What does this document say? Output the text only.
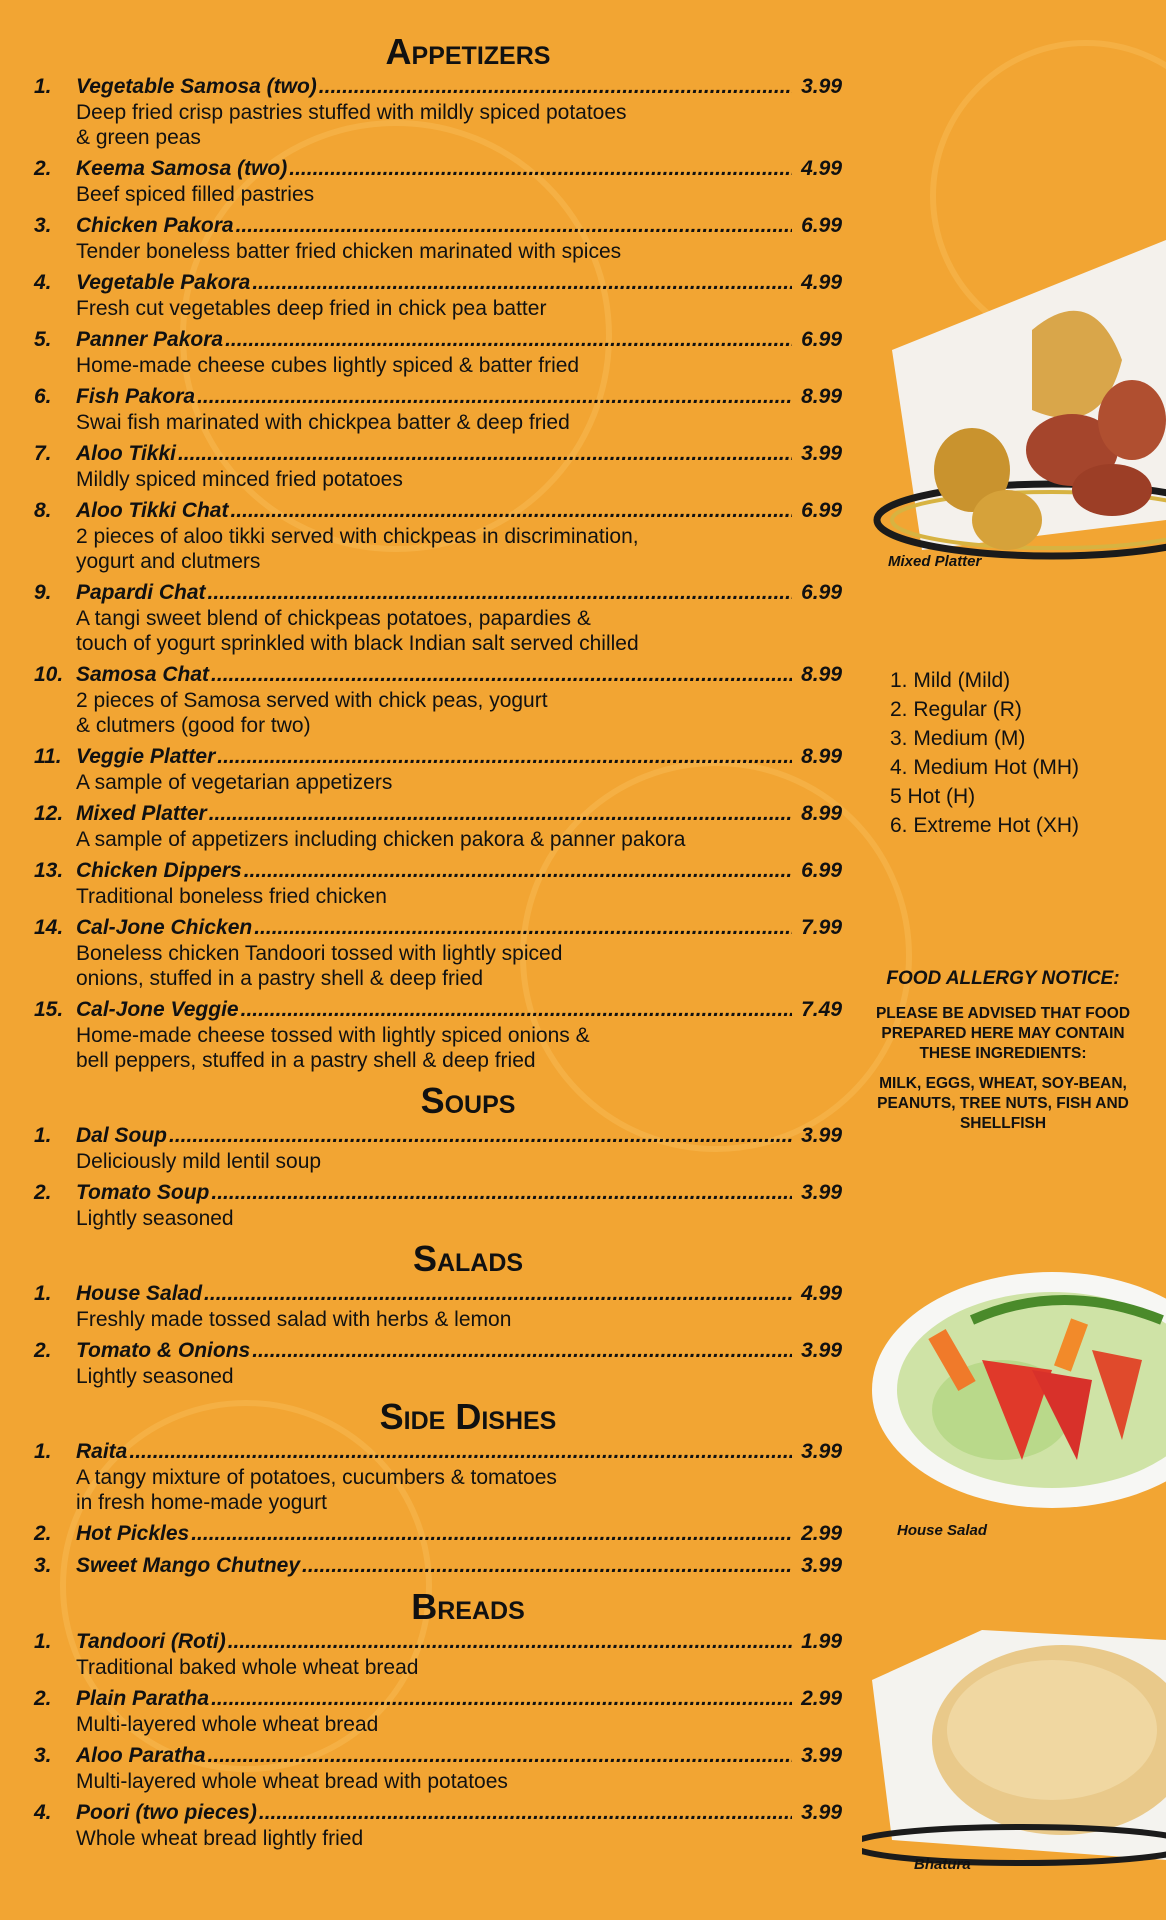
Appetizers
1.	Vegetable Samosa (two) .....	3.99
Deep fried crisp pastries stuffed with mildly spiced potatoes
& green peas
2.	Keema Samosa (two) .....	4.99
Beef spiced filled pastries
3.	Chicken Pakora .....	6.99
Tender boneless batter fried chicken marinated with spices
4.	Vegetable Pakora .....	4.99
Fresh cut vegetables deep fried in chick pea batter
5.	Panner Pakora .....	6.99
Home-made cheese cubes lightly spiced & batter fried
6.	Fish Pakora .....	8.99
Swai fish marinated with chickpea batter & deep fried
7.	Aloo Tikki .....	3.99
Mildly spiced minced fried potatoes
8.	Aloo Tikki Chat .....	6.99
2 pieces of aloo tikki served with chickpeas in discrimination,
yogurt and clutmers
9.	Papardi Chat .....	6.99
A tangi sweet blend of chickpeas potatoes, papardies &
touch of yogurt sprinkled with black Indian salt served chilled
10. Samosa Chat .....	8.99
2 pieces of Samosa served with chick peas, yogurt
& clutmers (good for two)
11. Veggie Platter .....	8.99
A sample of vegetarian appetizers
12. Mixed Platter .....	8.99
A sample of appetizers including chicken pakora & panner pakora
13. Chicken Dippers .....	6.99
Traditional boneless fried chicken
14. Cal-Jone Chicken .....	7.99
Boneless chicken Tandoori tossed with lightly spiced
onions, stuffed in a pastry shell & deep fried
15. Cal-Jone Veggie .....	7.49
Home-made cheese tossed with lightly spiced onions &
bell peppers, stuffed in a pastry shell & deep fried
Soups
1.	Dal Soup .....	3.99
Deliciously mild lentil soup
2.	Tomato Soup .....	3.99
Lightly seasoned
Salads
1.	House Salad .....	4.99
Freshly made tossed salad with herbs & lemon
2.	Tomato & Onions .....	3.99
Lightly seasoned
Side Dishes
1.	Raita .....	3.99
A tangy mixture of potatoes, cucumbers & tomatoes
in fresh home-made yogurt
2.	Hot Pickles .....	2.99
3.	Sweet Mango Chutney .....	3.99
Breads
1.	Tandoori (Roti) .....	1.99
Traditional baked whole wheat bread
2.	Plain Paratha .....	2.99
Multi-layered whole wheat bread
3.	Aloo Paratha .....	3.99
Multi-layered whole wheat bread with potatoes
4.	Poori (two pieces) .....	3.99
Whole wheat bread lightly fried
Mixed Platter
1. Mild (Mild)
2. Regular (R)
3. Medium (M)
4. Medium Hot (MH)
5 Hot (H)
6. Extreme Hot (XH)
FOOD ALLERGY NOTICE:
PLEASE BE ADVISED THAT FOOD PREPARED HERE MAY CONTAIN THESE INGREDIENTS:
MILK, EGGS, WHEAT, SOY-BEAN, PEANUTS, TREE NUTS, FISH AND SHELLFISH
House Salad
Bhatura
